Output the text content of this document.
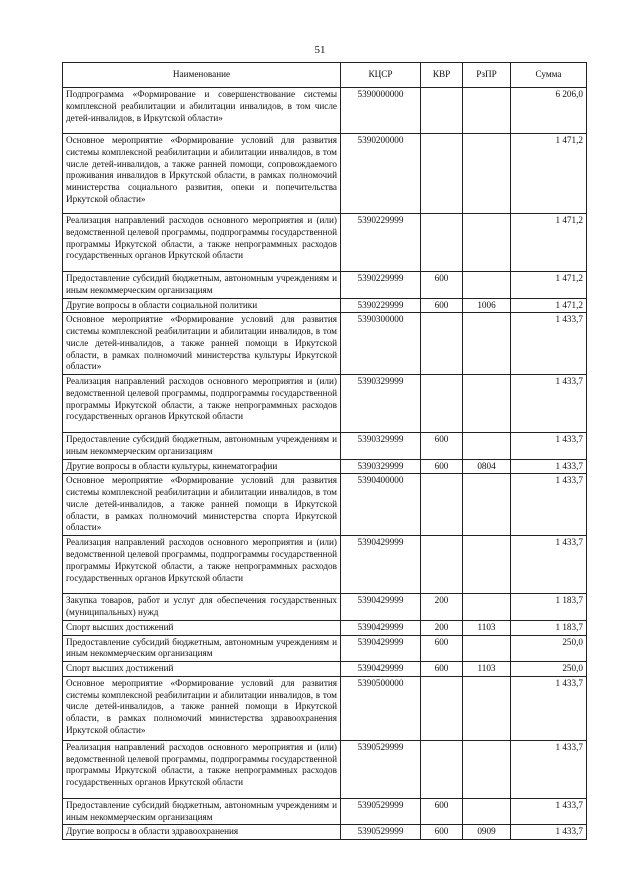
51
Наименование	КЦСР	КВР	РзПР	Сумма
Подпрограмма «Формирование и совершенствование системы комплексной реабилитации и абилитации инвалидов, в том числе детей-инвалидов, в Иркутской области»	5390000000			6 206,0
Основное мероприятие «Формирование условий для развития системы комплексной реабилитации и абилитации инвалидов, в том числе детей-инвалидов, а также ранней помощи, сопровождаемого проживания инвалидов в Иркутской области, в рамках полномочий министерства социального развития, опеки и попечительства Иркутской области»	5390200000			1 471,2
Реализация направлений расходов основного мероприятия и (или) ведомственной целевой программы, подпрограммы государственной программы Иркутской области, а также непрограммных расходов государственных органов Иркутской области	5390229999			1 471,2
Предоставление субсидий бюджетным, автономным учреждениям и иным некоммерческим организациям	5390229999	600		1 471,2
Другие вопросы в области социальной политики	5390229999	600	1006	1 471,2
Основное мероприятие «Формирование условий для развития системы комплексной реабилитации и абилитации инвалидов, в том числе детей-инвалидов, а также ранней помощи в Иркутской области, в рамках полномочий министерства культуры Иркутской области»	5390300000			1 433,7
Реализация направлений расходов основного мероприятия и (или) ведомственной целевой программы, подпрограммы государственной программы Иркутской области, а также непрограммных расходов государственных органов Иркутской области	5390329999			1 433,7
Предоставление субсидий бюджетным, автономным учреждениям и иным некоммерческим организациям	5390329999	600		1 433,7
Другие вопросы в области культуры, кинематографии	5390329999	600	0804	1 433,7
Основное мероприятие «Формирование условий для развития системы комплексной реабилитации и абилитации инвалидов, в том числе детей-инвалидов, а также ранней помощи в Иркутской области, в рамках полномочий министерства спорта Иркутской области»	5390400000			1 433,7
Реализация направлений расходов основного мероприятия и (или) ведомственной целевой программы, подпрограммы государственной программы Иркутской области, а также непрограммных расходов государственных органов Иркутской области	5390429999			1 433,7
Закупка товаров, работ и услуг для обеспечения государственных (муниципальных) нужд	5390429999	200		1 183,7
Спорт высших достижений	5390429999	200	1103	1 183,7
Предоставление субсидий бюджетным, автономным учреждениям и иным некоммерческим организациям	5390429999	600		250,0
Спорт высших достижений	5390429999	600	1103	250,0
Основное мероприятие «Формирование условий для развития системы комплексной реабилитации и абилитации инвалидов, в том числе детей-инвалидов, а также ранней помощи в Иркутской области, в рамках полномочий министерства здравоохранения Иркутской области»	5390500000			1 433,7
Реализация направлений расходов основного мероприятия и (или) ведомственной целевой программы, подпрограммы государственной программы Иркутской области, а также непрограммных расходов государственных органов Иркутской области	5390529999			1 433,7
Предоставление субсидий бюджетным, автономным учреждениям и иным некоммерческим организациям	5390529999	600		1 433,7
Другие вопросы в области здравоохранения	5390529999	600	0909	1 433,7
